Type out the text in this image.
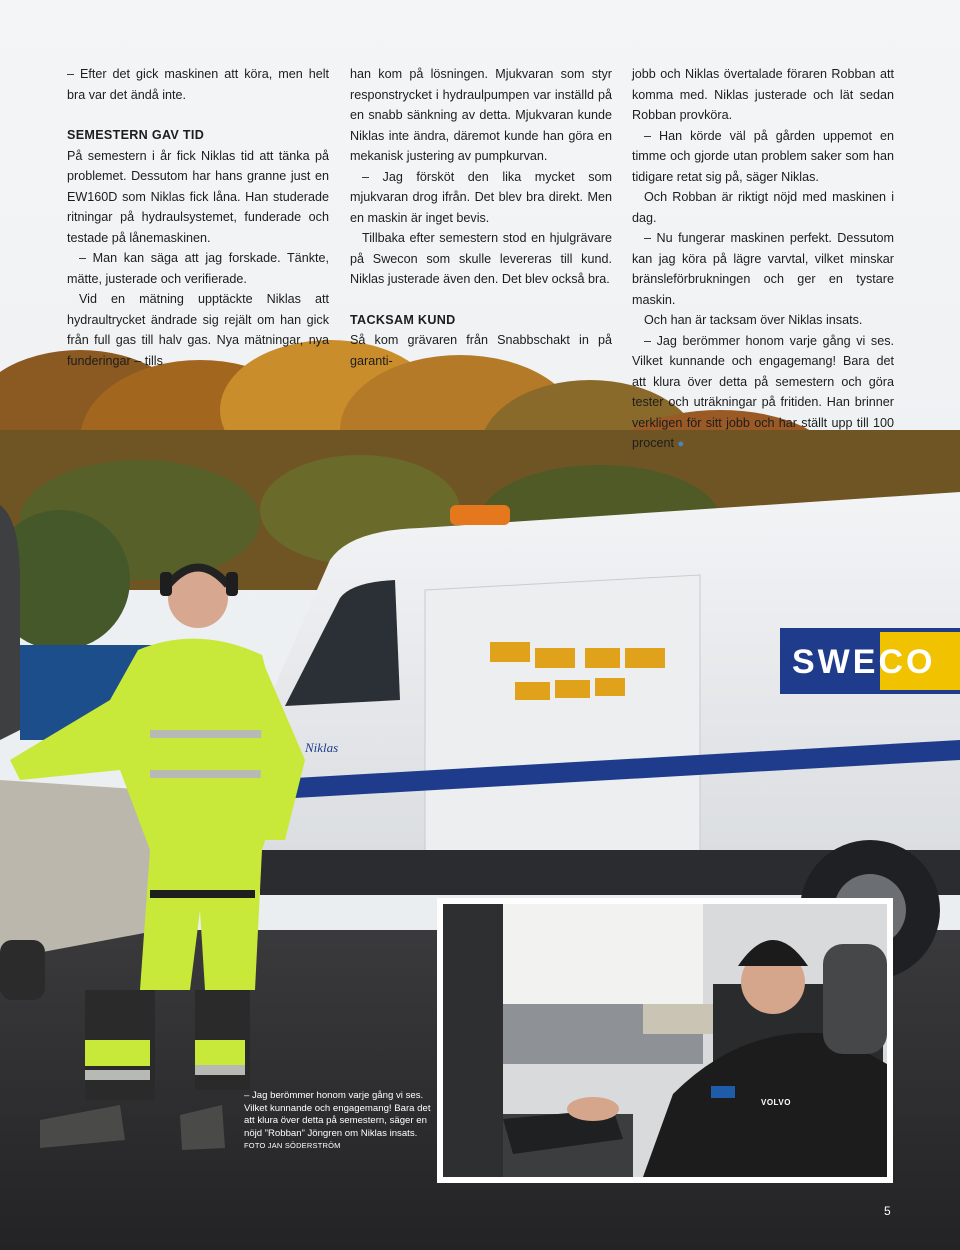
SWECO
Niklas

– Efter det gick maskinen att köra, men helt bra var det ändå inte.

SEMESTERN GAV TID

På semestern i år fick Niklas tid att tänka på problemet. Dessutom har hans granne just en EW160D som Niklas fick låna. Han studerade ritningar på hydraulsystemet, funderade och testade på lånemaskinen.

– Man kan säga att jag forskade. Tänkte, mätte, justerade och verifierade.

Vid en mätning upptäckte Niklas att hydraultrycket ändrade sig rejält om han gick från full gas till halv gas. Nya mätningar, nya funderingar – tills

han kom på lösningen. Mjukvaran som styr responstrycket i hydraulpumpen var inställd på en snabb sänkning av detta. Mjukvaran kunde Niklas inte ändra, däremot kunde han göra en mekanisk justering av pumpkurvan.

– Jag försköt den lika mycket som mjukvaran drog ifrån. Det blev bra direkt. Men en maskin är inget bevis.

Tillbaka efter semestern stod en hjulgrävare på Swecon som skulle levereras till kund. Niklas justerade även den. Det blev också bra.

TACKSAM KUND

Så kom grävaren från Snabbschakt in på garanti-

jobb och Niklas övertalade föraren Robban att komma med. Niklas justerade och lät sedan Robban provköra.

– Han körde väl på gården uppemot en timme och gjorde utan problem saker som han tidigare retat sig på, säger Niklas.

Och Robban är riktigt nöjd med maskinen i dag.

– Nu fungerar maskinen perfekt. Dessutom kan jag köra på lägre varvtal, vilket minskar bränsleförbrukningen och ger en tystare maskin.

Och han är tacksam över Niklas insats.

– Jag berömmer honom varje gång vi ses. Vilket kunnande och engagemang! Bara det att klura över detta på semestern och göra tester och uträkningar på fritiden. Han brinner verkligen för sitt jobb och har ställt upp till 100 procent ●

VOLVO
– Jag berömmer honom varje gång vi ses. Vilket kunnande och engagemang! Bara det att klura över detta på semestern, säger en nöjd ”Robban” Jöngren om Niklas insats. FOTO JAN SÖDERSTRÖM
5
